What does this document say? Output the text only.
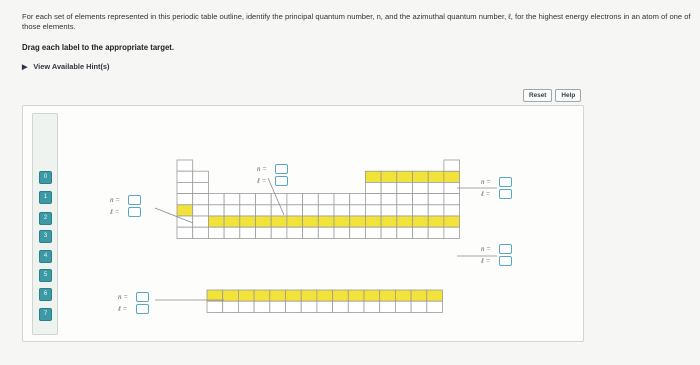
For each set of elements represented in this periodic table outline, identify the principal quantum number, n, and the azimuthal quantum number, ℓ, for the highest energy electrons in an atom of one of those elements.
Drag each label to the appropriate target.
▶ View Available Hint(s)
Reset	Help
0
1
2
3
4
5
6
7
n =
ℓ =
n =
ℓ =	n =
ℓ =
n =
ℓ =
n =
ℓ =
